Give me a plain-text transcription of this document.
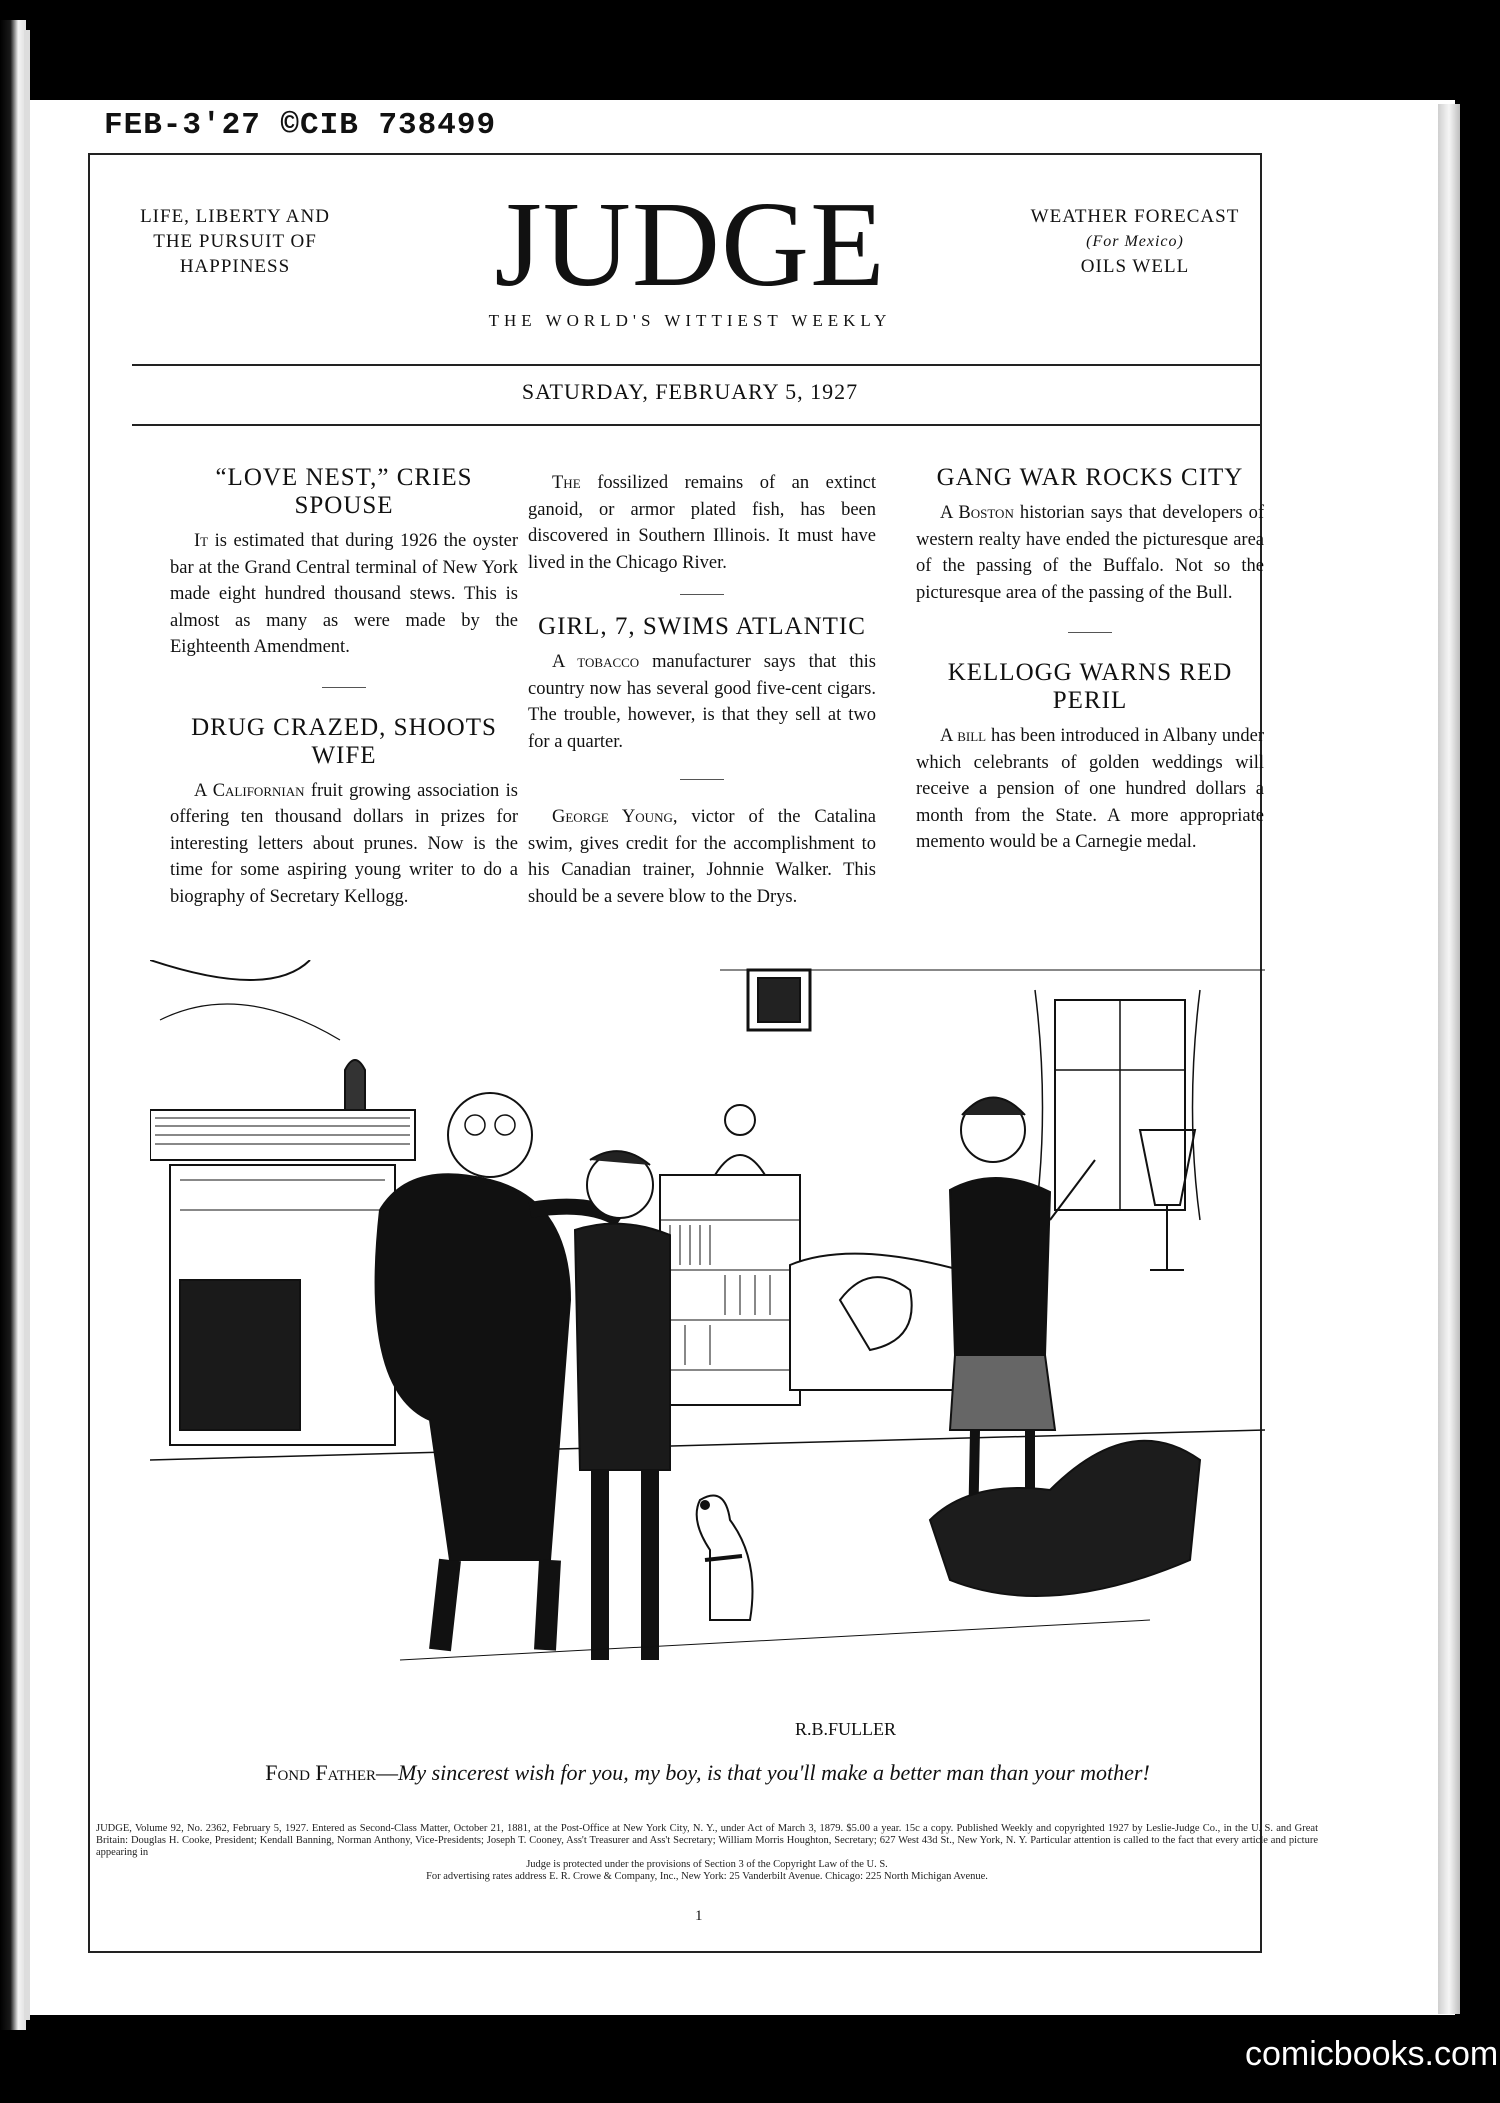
FEB-3'27 ©CIB 738499
LIFE, LIBERTY AND
THE PURSUIT OF
HAPPINESS	JUDGE
THE WORLD'S WITTIEST WEEKLY
WEATHER FORECAST
(For Mexico)
OILS WELL
SATURDAY, FEBRUARY 5, 1927
“LOVE NEST,” CRIES SPOUSE

It is estimated that during 1926 the oyster bar at the Grand Central terminal of New York made eight hundred thousand stews. This is almost as many as were made by the Eighteenth Amendment.

DRUG CRAZED, SHOOTS WIFE

A Californian fruit growing association is offering ten thousand dollars in prizes for interesting letters about prunes. Now is the time for some aspiring young writer to do a biography of Secretary Kellogg.

The fossilized remains of an extinct ganoid, or armor plated fish, has been discovered in Southern Illinois. It must have lived in the Chicago River.

GIRL, 7, SWIMS ATLANTIC

A tobacco manufacturer says that this country now has several good five-cent cigars. The trouble, however, is that they sell at two for a quarter.

George Young, victor of the Catalina swim, gives credit for the accomplishment to his Canadian trainer, Johnnie Walker. This should be a severe blow to the Drys.

GANG WAR ROCKS CITY

A Boston historian says that developers of western realty have ended the picturesque area of the passing of the Buffalo. Not so the picturesque area of the passing of the Bull.

KELLOGG WARNS RED PERIL

A bill has been introduced in Albany under which celebrants of golden weddings will receive a pension of one hundred dollars a month from the State. A more appropriate memento would be a Carnegie medal.

R.B.FULLER
Fond Father—My sincerest wish for you, my boy, is that you'll make a better man than your mother!
JUDGE, Volume 92, No. 2362, February 5, 1927. Entered as Second-Class Matter, October 21, 1881, at the Post-Office at New York City, N. Y., under Act of March 3, 1879. $5.00 a year. 15c a copy. Published Weekly and copyrighted 1927 by Leslie-Judge Co., in the U. S. and Great Britain: Douglas H. Cooke, President; Kendall Banning, Norman Anthony, Vice-Presidents; Joseph T. Cooney, Ass't Treasurer and Ass't Secretary; William Morris Houghton, Secretary; 627 West 43d St., New York, N. Y. Particular attention is called to the fact that every article and picture appearing in
Judge is protected under the provisions of Section 3 of the Copyright Law of the U. S.
For advertising rates address E. R. Crowe & Company, Inc., New York: 25 Vanderbilt Avenue. Chicago: 225 North Michigan Avenue.
1
comicbooks.com
